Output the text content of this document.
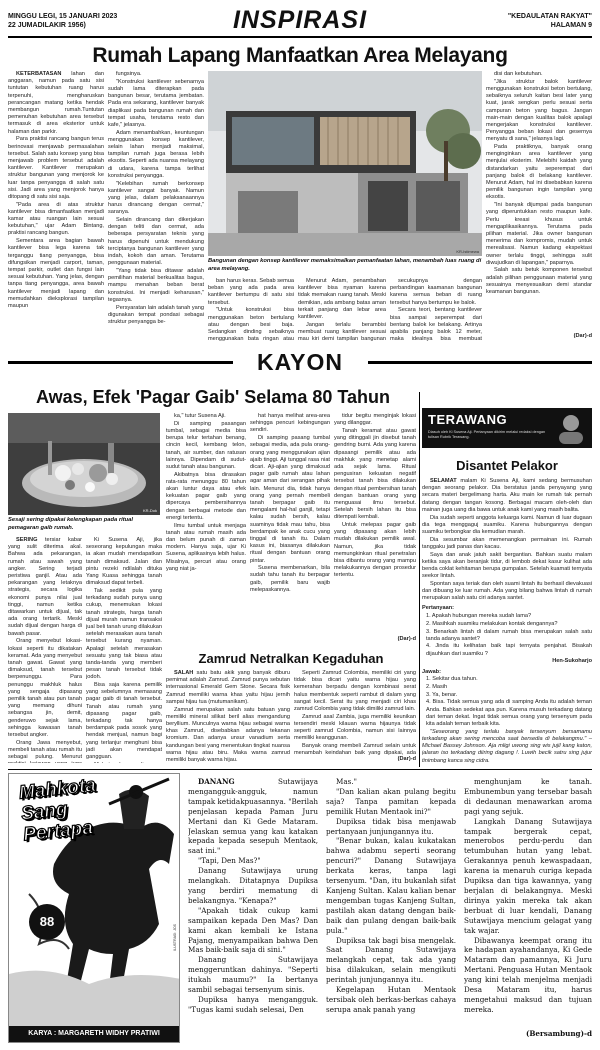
MINGGU LEGI, 15 JANUARI 2023
22 JUMADILAKIR 1956)	INSPIRASI	"KEDAULATAN RAKYAT"
HALAMAN 9
Rumah Lapang Manfaatkan Area Melayang

KETERBATASAN lahan dan anggaran, namun pada satu sisi tuntutan kebutuhan ruang harus terpenuhi, mengharuskan perancangan matang ketika hendak membangun rumah.Tuntutan pemenuhan kebutuhan area tersebut termasuk di area eksterior untuk halaman dan parkir.

Para praktisi rancang bangun terus berinovasi menjawab permasalahan tersebut. Salah satu konsep yang bisa menjawab problem tersebut adalah kantilever. Kantilever merupakan struktur bangunan yang menjorok ke luar tanpa penyangga di salah satu sisi. Jadi area yang menjorok hanya ditopang di satu sisi saja.

"Pada area di atas struktur kantilever bisa dimanfaatkan menjadi kamar atau ruangan lain sesuai kebutuhan," ujar Adam Bintang, praktisi rancang bangun.

Sementara area bagian bawah kantilever bisa lega karena tak terganggu tiang penyangga, bisa difungsikan menjadi carport, taman, tempat parkir, outlet dan fungsi lain sesuai kebutuhan. Yang jelas, dengan tanpa tiang penyangga, area bawah kantilever menjadi lapang dan memudahkan dieksplorasi tampilan maupun

fungsinya.

"Konstruksi kantilever sebenarnya sudah lama diterapkan pada bangunan besar, terutama jembatan. Pada era sekarang, kantilever banyak diaplikasi pada bangunan rumah dan tempat usaha, terutama resto dan kafe," jelasnya.

Adam menambahkan, keuntungan menggunakan konsep kantilever, selain lahan menjadi maksimal, tampilan rumah juga berasa lebih eksotis. Seperti ada nuansa melayang di udara, karena tampa terlihat konstruksi penyangga.

"Kelebihan rumah berkonsep kantilever sangat banyak. Namun yang jelas, dalam pelaksanaannya harus dirancang dengan cermat," saranya.

Selain dirancang dan dikerjakan dengan teliti dan cermat, ada beberapa persyaratan teknis yang harus dipenuhi untuk mendukung terciptanya bangunan kantilever yang indah, kokoh dan aman. Terutama penggunaan material.

"Yang tidak bisa ditawar adalah pemilihan material berkualitas bagus, mampu menahan beban berat konstruksi. Ini menjadi keharusan," tegasnya.

Persyaratan lain adalah tanah yang digunakan tempat pondasi sebagai struktur penyangga be-

KR-Istimewa
Bangunan dengan konsep kantilever memaksimalkan pemanfaatan lahan, menambah luas ruang di area melayang.

ban harus keras. Sebab semua beban yang ada pada area kantilever bertumpu di satu sisi tersebut.

"Untuk konstruksi bisa menggunakan beton bertulang atau dengan besi baja. Sedangkan dinding sebaiknya menggunakan bata ringan atau

Menurut Adam, penambahan kantilever bisa nyaman karena tidak memakan ruang tanah. Meski demikian, ada ambang batas aman terkait panjang dan lebar area kantilever.

Jangan terlalu berambisi membuat ruang kantilever sesuai mau kiri demi tampilan bangunan

secukupnya dengan perbandingan kaamanan bangunan karena semua beban di ruang tersebut hanya bertumpu ke balok.

Secara teori, bentang kantilever bisa sampai seperempat dari bentang balok ke belakang. Artinya apabila panjang balok 12 meter, maka idealnya bisa membuat

disi dan kebutuhan.

"Jika struktur balok kantilever menggunakan konstruksi beton bertulang, sebaiknya seluruh kaitan besi later yang kuat, jarak sengkan perlu sesuai serta campuran beton yang bagus. Jangan main-main dengan kualitas balok apalagi mengerjakan konstruksi kantilever. Penyangga beban lokasi dan gesernya menyatu di sana," jelasnya lagi.

Pada praktiknya, banyak orang menginginkan area kantilever yang menjulai eksterim. Melebihi kaidah yang distandarkan yaitu seperempat dari panjang balok di belakang kantilever. Menurut Adam, hal ini disebabkan karena pemilik bangunan ingin tampilan yang eksotis.

"Ini banyak dijumpai pada bangunan yang diperuntukkan resto maupun kafe. Perlu kreasi khusus untuk mengaplikasikannya. Terutama pada pilihan material. Jika owner bangunan menerima dan kompromis, mudah untuk merealisasi. Namun kadang ekspektasi owner terlalu tinggi, sehingga sulit diwujudkan di lapangan," paparnya.

Salah satu betuk komponen tersebut adalah pilihan penggunaan material yang sesuainya menyesuaikan demi standar keamanan bangunan.

(Dar)-d

KAYON
Awas, Efek 'Pagar Gaib' Selama 80 Tahun
KR-Dok
Sesaji sering dipakai kelengkapan pada ritual pemagaran gaib rumah.

SERING tersiar kabar yang sulit diterima akal. Bahwa ada pekarangan, rumah atau sawah yang angker. Sering terjadi peristiwa ganjil. Atau ada pekarangan yang letaknya strategis, secara logika ekonomi punya nilai jual tinggi, namun ketika ditawarkan untuk dijual, tak ada orang tertarik. Meski sudah dijual dengan harga di bawah pasar.

Orang menyebut lokasi-lokasi seperti itu dikatakan keramat. Ada yang menyebut tanah gawat. Gawat yang dimaksud, tanah tersebut berpenunggu. Para penunggu makhluk halus yang sengaja dipasang pemilik tanah atau pun tanah yang memang dihuni sebangsa jin, demit, genderuwo sejak lama, sehingga kawasan tanah tersebut angker.

Orang Jawa menyebut, membeli tanah atau rumah itu sebagai pulung. Menurut

Ki Susena Aji, jika seseorang kepulungan maka ia akan mudah mendapatkan tanah dimaksud. Jalan dan pintu rezeki ndilalah dituka Yang Kuasa sehingga tanah dimaksud dapat terbeli.

Tak sedikit pula yang terkadang sudah punya uang cukup, menemukan lokasi tanah strategis, harga tanah dijual murah namun transaksi jual beli tanah urung dilakukan setelah merasakan aura tanah tersebut kurang nyaman. Apalagi setelah merasakan sesuatu yang tak biasa atau tanda-tanda yang memberi pesan tanah tersebut tidak jodoh.

Bisa saja karena pemilik yang sebelumnya memasang pagar gaib di tanah tersebut. Tanah atau rumah yang dipasang pagar gaib, terkadang tak hanya berdampak pada sosok yang hendak menjual, namun bagi yang terlanjur menghuni bisa jadi akan mendapat gangguan.

ka," tutur Susena Aji.

Di samping pasangan tumbal, sebagai media bisa berupa telur tertahan benang, cincin kecil, kembang telon, tanah, air sumber, dan ratusan lainnya. Dipendam di sudut-sudut tanah atau bangunan.

Akibatnya bisa dirasakan rata-rata menunggu 80 tahun akan luntur daya atau efek kekuatan pagar gaib yang dipercaya pembersihannya dengan berbagai metode dan energi tertentu.

Ilmu tumbal untuk menjaga tanah atau rumah masih ada dan belum punah di zaman modern. Hanya saja, ujar Ki Susena, aplikasinya lebih halus. Misalnya, percuri atau orang yang niat ja-

hat hanya melihat area-area sehingga pencuri kebingungan sendiri.

Di samping pasang tumbal sebagai media, ada pula orang-orang yang menggunakan ajian ajaib tinggi. Aji tunggal rasa niat dicari. Aji-ajian yang dimaksud pagar gaib rumah atau lahan agar aman dari serangan pihak lain. Menurut dia, tidak hanya orang yang pernah membeli tanah berpagar gaib itu mengalami hal-hal ganjil, tetapi kalau sudah bersih, kalau suaminya tidak mau tahu, bisa berdampak ke anak cucu yang tinggal di tanah itu. Dalam kasus ini, biasanya dilakukan ritual dengan bantuan orang pintar.

Susena membenarkan, bila sudah tahu tanah itu berpagar gaib, pemilik baru wajib melepaskannya.

tidur begitu menginjak lokasi yang dilanggar.

Tanah keramat atau gawat yang ditinggali jin disebut tanah gendring burni. Ada yang karena dipasangi pemilik atau ada makhluk yang menetap alami ada sejak lama. Ritual pengusiran kekuatan negatif tersebut tanah bisa dilakukan dengan ritual pembersihan tanah dengan bantuan orang yang menguasai ilmu tersebut. Setelah bersih lahan itu bisa ditempati kembali.

Untuk melepas pagar gaib yang dipasang akan lebih mudah dilakukan pemilik awal. Namun, jika tidak memungkinkan ritual penetralan bisa dibantu orang yang mampu melakukannya dengan prosedur tertentu.

(Dar)-d

Zamrud Netralkan Kegaduhan

SALAH satu batu akik yang banyak diburu pemimat adalah Zamrud. Zamrud punya sebutan internasional Emerald Gem Stone. Secara fisik Zamrud memiliki warna khas yaitu hijau jernih sampai hijau tua (mutumanikam).

Zamrud merupakan salah satu batuan yang memiliki mineral silikat beril alias mengandung beryllium. Munculnya warna hijau sebagai warna khas Zamrud, disebabkan adanya tekanan kromium. Dan adanya unsur vanadium serta kandungan besi yang menentukan tingkat nuansa warna hijau atau biru. Maka warna zamrud memiliki banyak warna hijau.

Seperti Zamrud Colombia, memiliki ciri yang tidak bisa dicari yaitu warna hijau yang kemerahan berpadu dengan kombinasi serat halus membentuk seperti rambut di dalam yang sangat kecil. Serat itu yang menjadi ciri khas zamrud Colombia yang tidak dimiliki zamrud lain.

Zamrud asal Zambia, juga memiliki keunikan tersendiri meski kilauan warna hijaunya tidak seperti zamrud Colombia, namun sisi lainnya memiliki keanggunan.

Banyak orang membeli Zamrud selain untuk menambah keindahan baik yang dipakai, ada

(Dar)-d

TERAWANG
Diasuh oleh Ki Susena Aji. Pertanyaan dikirim melalui redaksi dengan tulisan Rubrik Terawang.
Disantet Pelakor

SELAMAT malam Ki Susena Aji, kami sedang bermusuhan dengan seorang pelakor. Dia berstatus janda penyayang yang secara materi bergelimang harta. Aku main ke rumah tak pernah datang dengan tangan kosong. Berbagai macam oleh-oleh dan mainan juga uang dia bawa untuk anak kami yang masih balita.

Dia sudah seperti anggota keluarga kami. Namun di luar dugaan dia tega menggaguj suamiku. Karena hubungannya dengan suamiku terbongkar dia kemudian marah.

Dia sesumbar akan memenangkan permainan ini. Rumah tanggaku jadi panas dan kacau.

Saya dan anak jatuh sakit bergantian. Bahkan suatu malam ketika saya akan beranjak tidur, di lembob dekat kasur kulihat ada benda coklat kehitaman berupa gumpalan. Setelah kuamati ternyata seekor lintah.

Spontan saya teriak dan oleh suami lintah itu berhasil dievakuasi dan dibuang ke luar rumah. Ada yang bilang bahwa lintah di rumah merupakan salah satu ciri adanya santet.

Pertanyaan:

1. Apakah hubungan mereka sudah lama?

2. Masihkah suamiku melakukan kontak dengannya?

3. Benarkah lintah di dalam rumah bisa merupakan salah satu tanda adanya santet?

4. Jinda itu kelihatan baik tapi ternyata penjahat. Bisakah dijauhkan dari suamiku ?

Hen-Sukoharjo

Jawab:

1. Sekitar dua tahun.

2. Masih

3. Ya, benar.

4. Bisa. Tidak semua yang ada di samping Anda itu adalah teman Anda. Bahkan sedekat apa pun. Karena musuh terkadang datang dari teman dekat. Ingat tidak semua orang yang tersenyum pada kita adalah teman terbaik kita.

"Seseorang yang terlalu banyak tersenyum bersamamu terkadang akan sering mencoba saat bersedia di belakangmu." – Michael Bassey Johnson. Aja mligi uwong sing wis jujil kang katon, jalaran iso terkadang diiring dagang !. Luwih becik satru sing jujur tinimbang kanca sing cidra.

Mahkota
Sang
Pertapa
88
ILUSTRASI: JOS
KARYA : MARGARETH WIDHY PRATIWI

DANANG Sutawijaya mengangguk-angguk, namun tampak ketidakpuasannya. "Berilah penjelasan kepada Paman Juru Mertani dan Ki Gede Mataram. Jelaskan semua yang kau katakan kepada kepada sesepuh Mentaok, saat ini."

"Tapi, Den Mas?"

Danang Sutawijaya urung melangkah. Ditatapnya Dupiksa yang berdiri mematung di belakangnya. "Kenapa?"

"Apakah tidak cukup kami sampaikan kepada Den Mas? Dan kami akan kembali ke Istana Pajang, menyampaikan bahwa Den Mas baik-baik saja di sini."

Danang Sutawijaya menggeruntkan dahinya. "Seperti itukah maumu?" Ia bertanya sambil sebagai tersenyum sinis.

Dupiksa hanya mengangguk. "Tugas kami sudah selesai, Den

Mas."

"Dan kalian akan pulang begitu saja? Tanpa pamitan kepada pemilik Hutan Mentaok ini?"

Dupiksa tidak bisa menjawab pertanyaan junjungannya itu.

"Benar bukan, kalau kukatakan bahwa adabmu seperti seorang pencuri?" Danang Sutawijaya berkata keras, tanpa lagi tersenyum. "Dan, itu bukanlah sifat Kanjeng Sultan. Kalau kalian benar mengemban tugas Kanjeng Sultan, pastilah akan datang dengan baik-baik dan pulang dengan baik-baik pula."

Dupiksa tak bagi bisa mengelak. Saat Danang Sutawijaya melangkah cepat, tak ada yang bisa dilakukan, selain mengikuti perintah junjungannya itu.

Kegelapan Hutan Mentaok tersibak oleh berkas-berkas cahaya serupa anak panah yang

menghunjam ke tanah. Embunembun yang tersebar basah di dedaunan menawarkan aroma pagi yang sejuk.

Langkah Danang Sutawijaya tampak bergerak cepat, menerobos perdu-perdu dan tetumbuhan hutan yang lebat. Gerakannya penuh kewaspadaan, karena ia menaruh curiga kepada Dupiksa dan tiga kawannya, yang berjalan di belakangnya. Meski dirinya yakin mereka tak akan berbuat di luar kendali, Danang Sutawijaya mencium gelagat yang tak wajar.

Dibawanya keempat orang itu ke hadapan ayahandanya, Ki Gede Mataram dan pamannya, Ki Juru Mertani. Penguasa Hutan Mentaok yang kini telah menjelma menjadi Desa Mataram itu, harus mengetahui maksud dan tujuan mereka.

(Bersambung)-d
